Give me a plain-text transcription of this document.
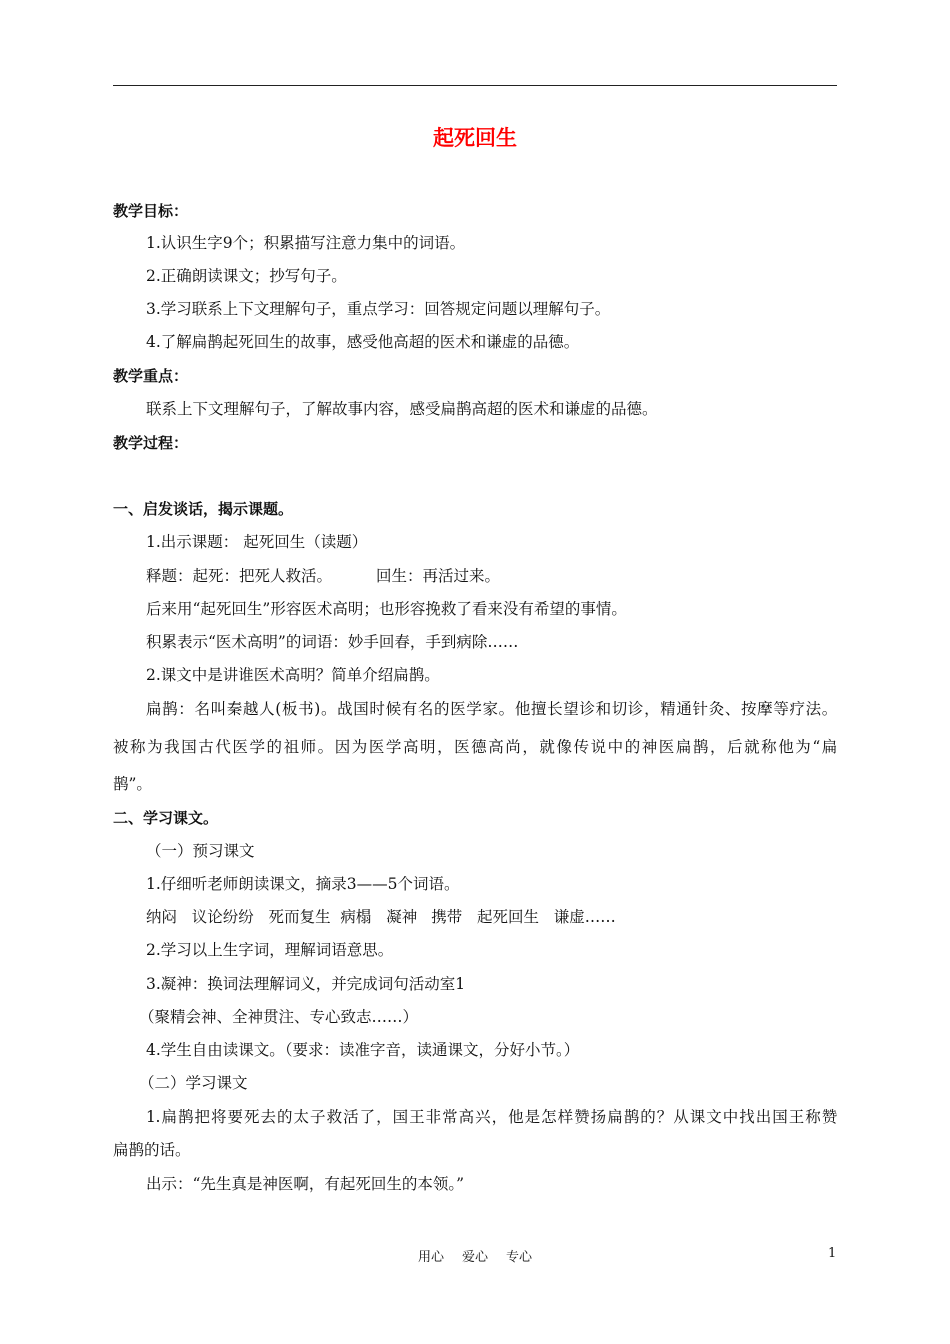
起死回生
教学目标：
1.认识生字9个；积累描写注意力集中的词语。
2.正确朗读课文；抄写句子。
3.学习联系上下文理解句子，重点学习：回答规定问题以理解句子。
4.了解扁鹊起死回生的故事，感受他高超的医术和谦虚的品德。
教学重点：
联系上下文理解句子，了解故事内容，感受扁鹊高超的医术和谦虚的品德。
教学过程：
一、启发谈话，揭示课题。
1.出示课题： 起死回生（读题）
释题：起死：把死人救活。	回生：再活过来。
后来用“起死回生”形容医术高明；也形容挽救了看来没有希望的事情。
积累表示“医术高明”的词语：妙手回春，手到病除……
2.课文中是讲谁医术高明？简单介绍扁鹊。
扁鹊：名叫秦越人(板书)。战国时候有名的医学家。他擅长望诊和切诊，精通针灸、按摩等疗法。
被称为我国古代医学的祖师。因为医学高明，医德高尚，就像传说中的神医扁鹊，后就称他为“扁
鹊”。
二、学习课文。
（一）预习课文
1.仔细听老师朗读课文，摘录3——5个词语。
纳闷   议论纷纷   死而复生  病榻   凝神 携带   起死回生   谦虚……
2.学习以上生字词，理解词语意思。
3.凝神：换词法理解词义，并完成词句活动室1
（聚精会神、全神贯注、专心致志……）
4.学生自由读课文。（要求：读准字音，读通课文，分好小节。）
（二）学习课文
1.扁鹊把将要死去的太子救活了，国王非常高兴，他是怎样赞扬扁鹊的？从课文中找出国王称赞
扁鹊的话。
出示：“先生真是神医啊，有起死回生的本领。”
用心 爱心 专心	1
